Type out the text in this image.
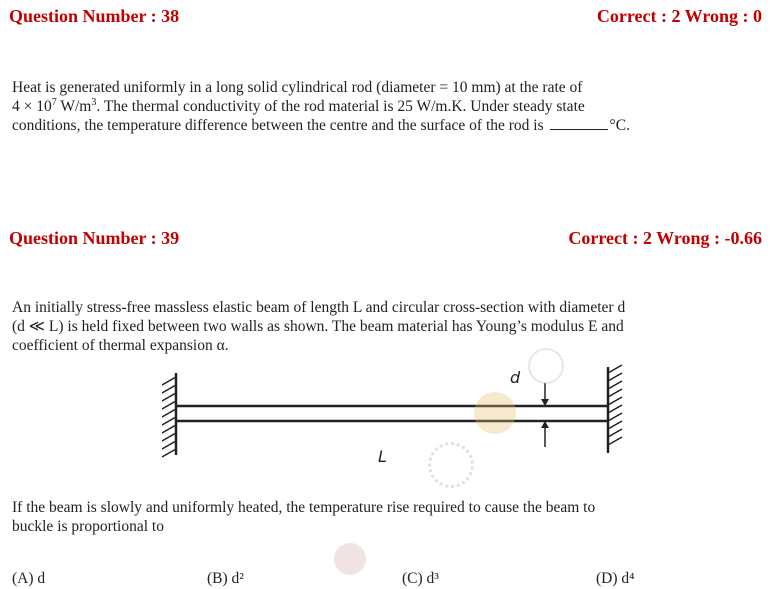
Question Number : 38	Correct : 2 Wrong : 0
Heat is generated uniformly in a long solid cylindrical rod (diameter = 10 mm) at the rate of
$4 \times 10^7$ $W/m^3$. The thermal conductivity of the rod material is 25 W/m.K. Under steady state
conditions, the temperature difference between the centre and the surface of the rod is	°C.
Question Number : 39	Correct : 2 Wrong : -0.66
An initially stress-free massless elastic beam of length L and circular cross-section with diameter d
(d ≪ L) is held fixed between two walls as shown. The beam material has Young’s modulus E and
coefficient of thermal expansion α.
d
L
If the beam is slowly and uniformly heated, the temperature rise required to cause the beam to
buckle is proportional to
(A) d	(B) d²	(C) d³	(D) d⁴
